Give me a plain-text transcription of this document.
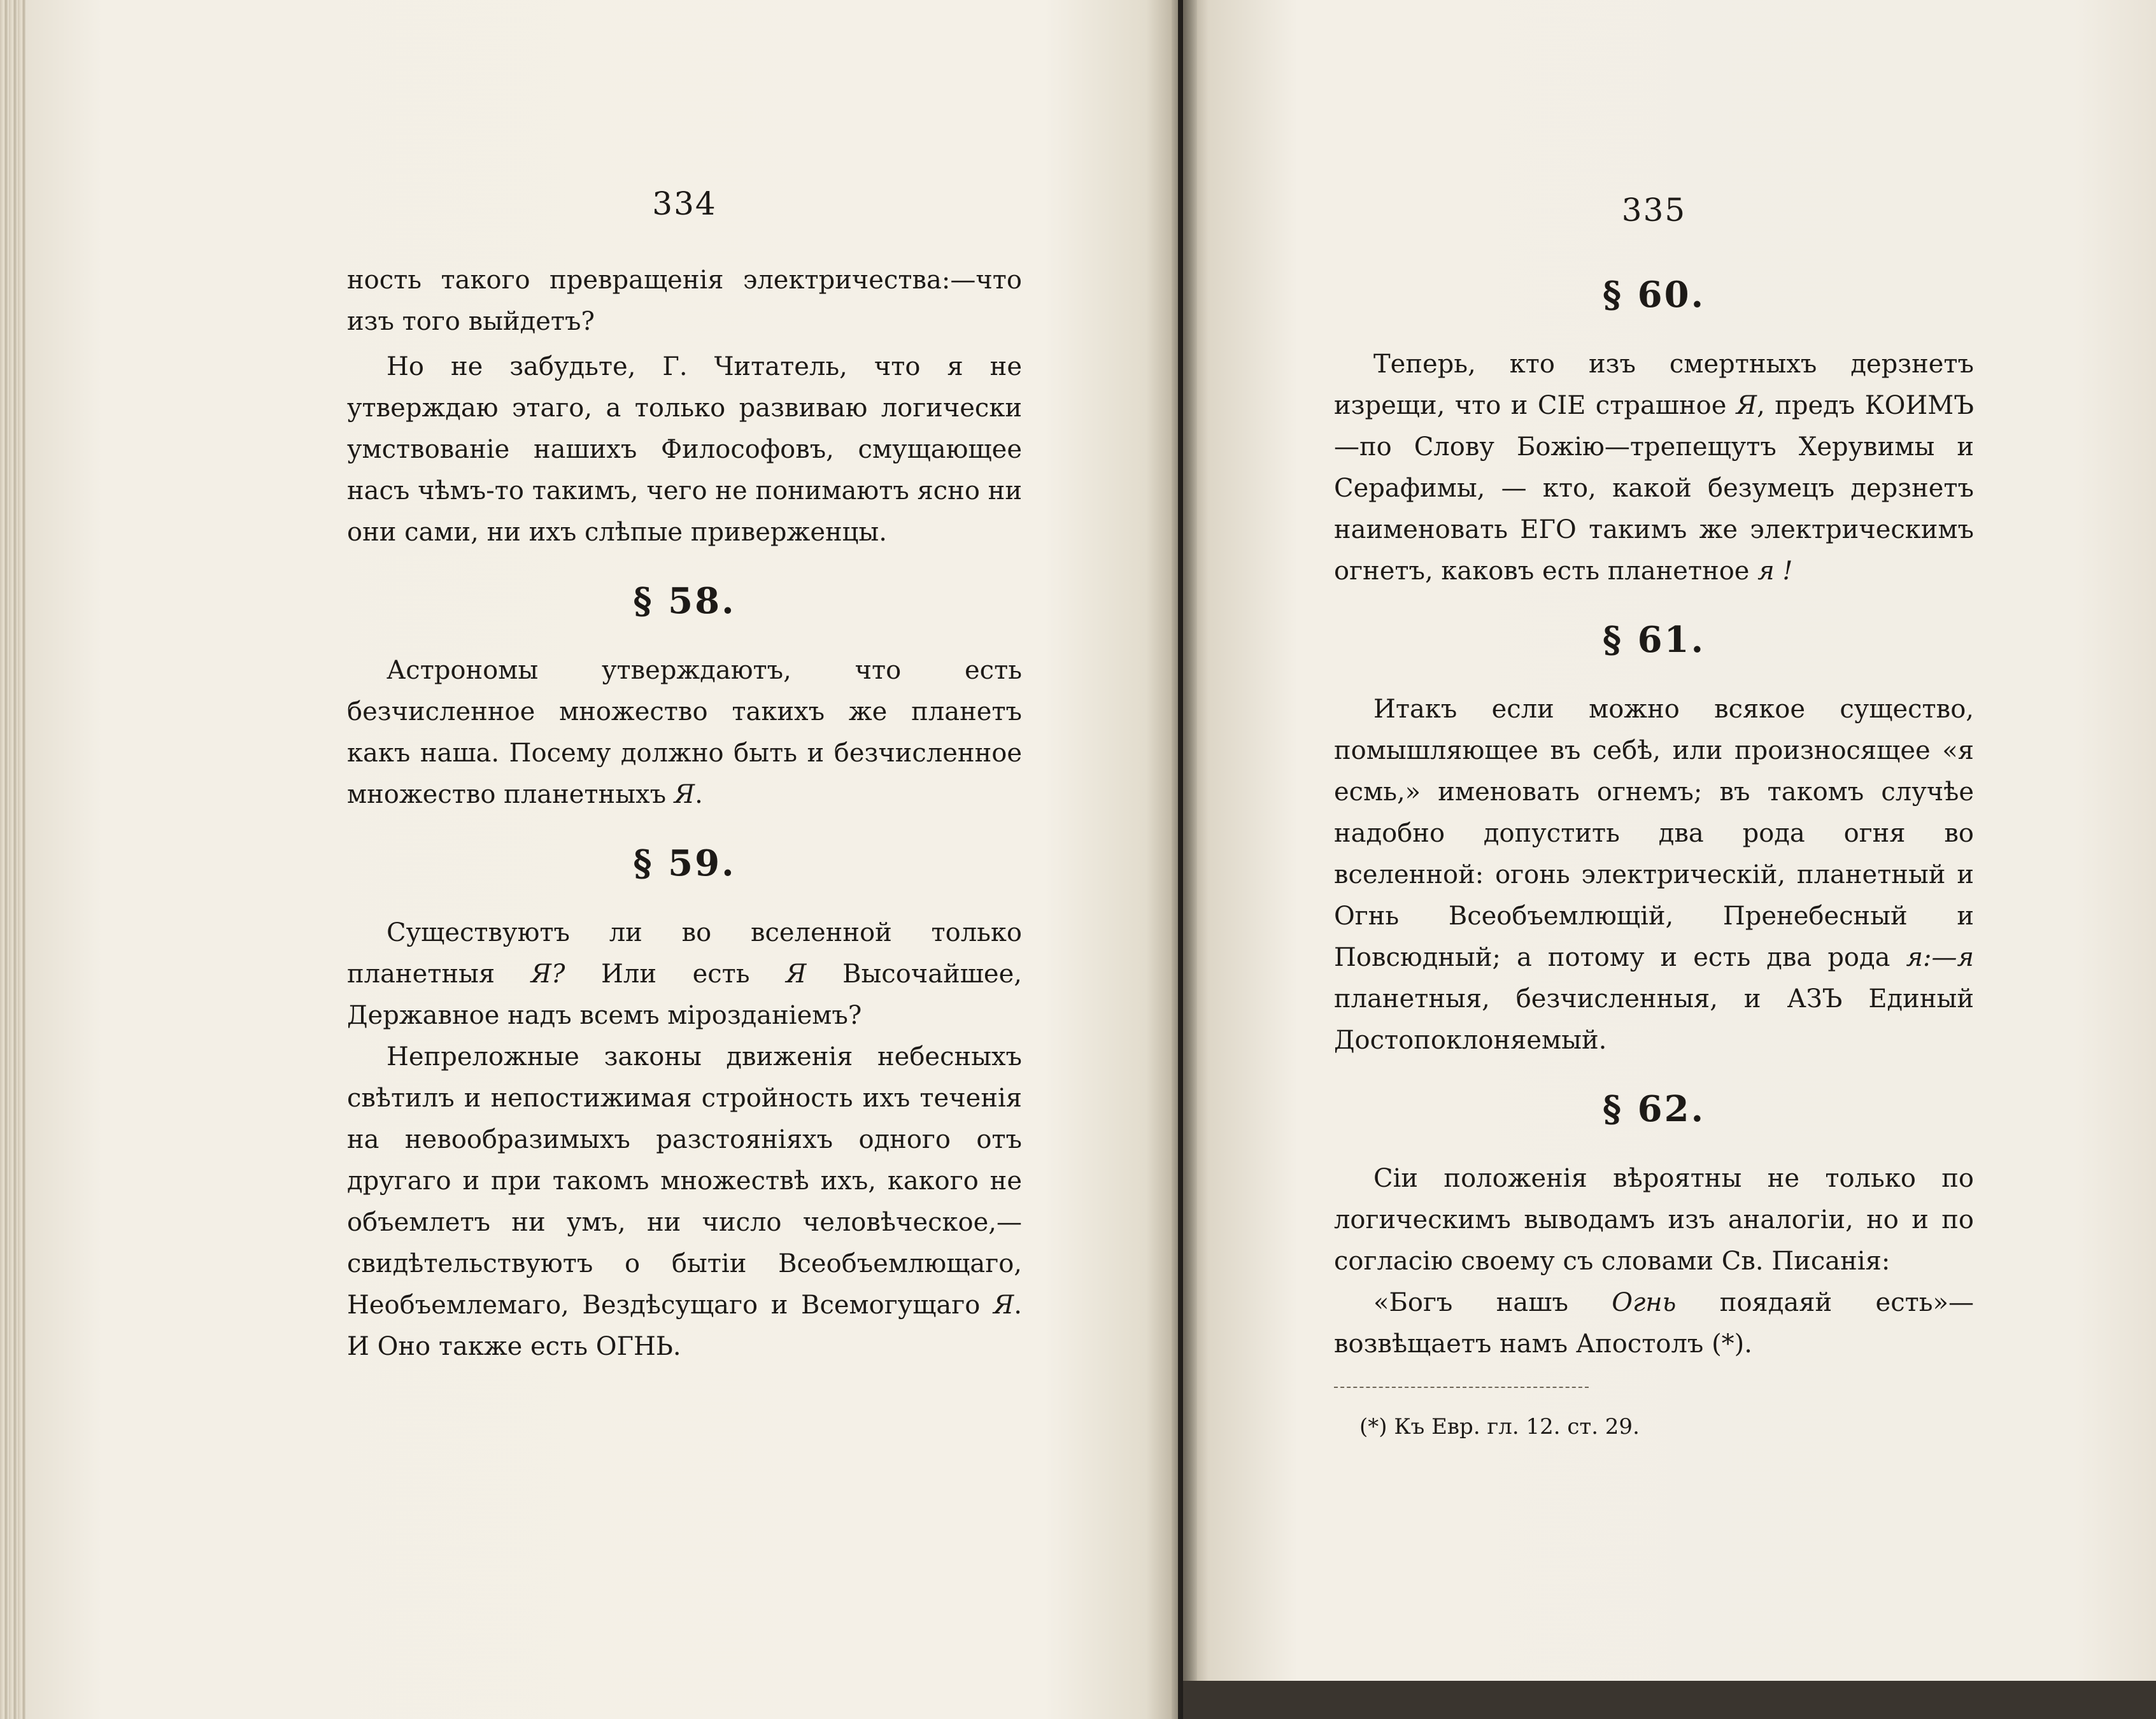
334

ность такого превращенія электричества:—что изъ того выйдетъ?

Но не забудьте, Г. Читатель, что я не утверждаю этаго, а только развиваю логически умствованіе нашихъ Философовъ, смущающее насъ чѣмъ-то такимъ, чего не понимаютъ ясно ни они сами, ни ихъ слѣпые приверженцы.

§ 58.

Астрономы утверждаютъ, что есть безчисленное множество такихъ же планетъ какъ наша. Посему должно быть и безчисленное множество планетныхъ Я.

§ 59.

Существуютъ ли во вселенной только планетныя Я? Или есть Я Высочайшее, Державное надъ всемъ міроздaніемъ?

Непреложные законы движенія небесныхъ свѣтилъ и непостижимая стройность ихъ теченія на невообразимыхъ разстояніяхъ одного отъ другаго и при такомъ множествѣ ихъ, какого не объемлетъ ни умъ, ни число человѣческое,—свидѣтельствуютъ о бытіи Всеобъемлющаго, Необъемлемаго, Вездѣсущаго и Всемогущаго Я. И Оно также есть ОГНЬ.

335
§ 60.

Теперь, кто изъ смертныхъ дерзнетъ изрещи, что и СІЕ страшное Я, предъ КОИМЪ—по Слову Божію—трепещутъ Херувимы и Серафимы, — кто, какой безумецъ дерзнетъ наименовать ЕГО такимъ же электрическимъ огнетъ, каковъ есть планетное я !

§ 61.

Итакъ если можно всякое существо, помышляющее въ себѣ, или произносящее «я есмь,» именовать огнемъ; въ такомъ случѣе надобно допустить два рода огня во вселенной: огонь электрическій, планетный и Огнь Всеобъемлющій, Пренебесный и Повсюдный; а потому и есть два рода я:—я планетныя, безчисленныя, и АЗЪ Единый Достопоклоняемый.

§ 62.

Сіи положенія вѣроятны не только по логическимъ выводамъ изъ аналогіи, но и по согласію своему съ словами Св. Писанія:

«Богъ нашъ Огнь поядаяй есть»—возвѣщаетъ намъ Апостолъ (*).

(*) Къ Евр. гл. 12. ст. 29.
